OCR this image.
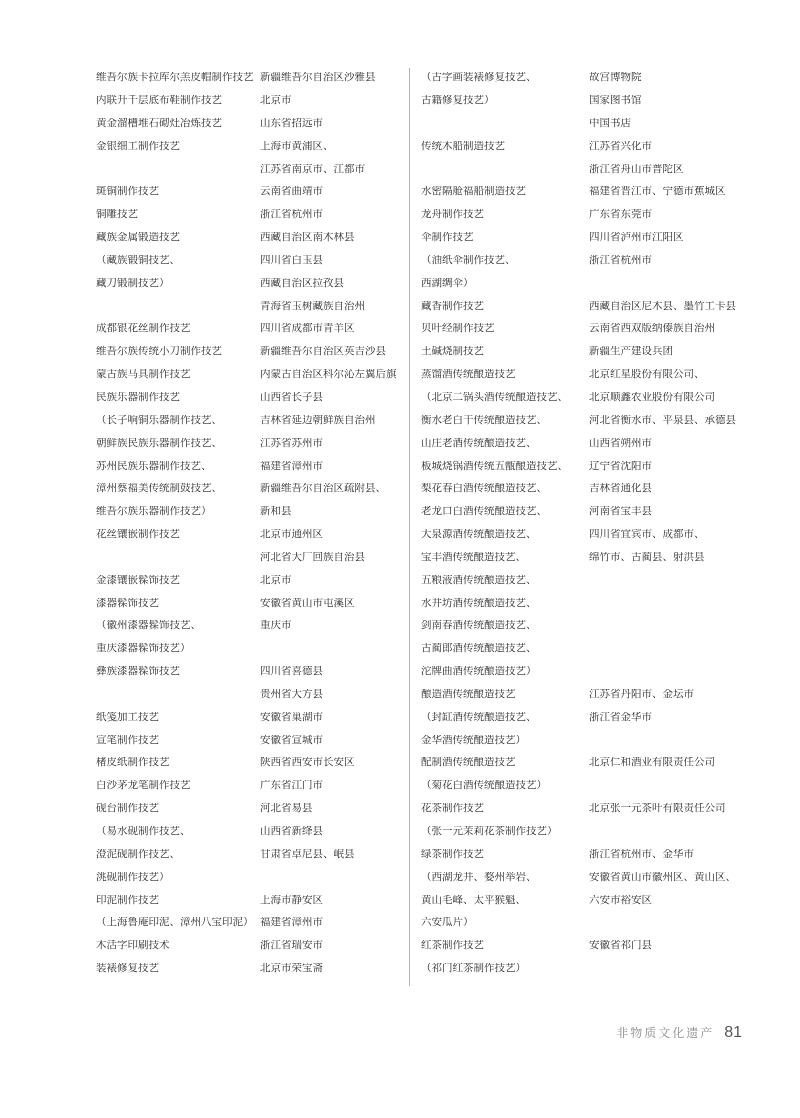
维吾尔族卡拉库尔羔皮帽制作技艺 新疆维吾尔自治区沙雅县
内联升千层底布鞋制作技艺	北京市
黄金溜槽堆石砌灶冶炼技艺	山东省招远市
金银细工制作技艺	上海市黄浦区、
江苏省南京市、江都市
斑铜制作技艺	云南省曲靖市
铜雕技艺	浙江省杭州市
藏族金属锻造技艺	西藏自治区南木林县
（藏族锻铜技艺、	四川省白玉县
藏刀锻制技艺）	西藏自治区拉孜县
青海省玉树藏族自治州
成都银花丝制作技艺	四川省成都市青羊区
维吾尔族传统小刀制作技艺	新疆维吾尔自治区英吉沙县
蒙古族马具制作技艺	内蒙古自治区科尔沁左翼后旗
民族乐器制作技艺	山西省长子县
（长子响铜乐器制作技艺、	吉林省延边朝鲜族自治州
朝鲜族民族乐器制作技艺、	江苏省苏州市
苏州民族乐器制作技艺、	福建省漳州市
漳州蔡福美传统制鼓技艺、	新疆维吾尔自治区疏附县、
维吾尔族乐器制作技艺）	新和县
花丝镶嵌制作技艺	北京市通州区
河北省大厂回族自治县
金漆镶嵌髹饰技艺	北京市
漆器髹饰技艺	安徽省黄山市屯溪区
（徽州漆器髹饰技艺、	重庆市
重庆漆器髹饰技艺）
彝族漆器髹饰技艺	四川省喜德县
贵州省大方县
纸笺加工技艺	安徽省巢湖市
宣笔制作技艺	安徽省宣城市
楮皮纸制作技艺	陕西省西安市长安区
白沙茅龙笔制作技艺	广东省江门市
砚台制作技艺	河北省易县
（易水砚制作技艺、	山西省新绛县
澄泥砚制作技艺、	甘肃省卓尼县、岷县
洮砚制作技艺）
印泥制作技艺	上海市静安区
（上海鲁庵印泥、漳州八宝印泥） 福建省漳州市
木活字印刷技术	浙江省瑞安市
装裱修复技艺	北京市荣宝斋
（古字画装裱修复技艺、	故宫博物院
古籍修复技艺）	国家图书馆
中国书店
传统木船制造技艺	江苏省兴化市
浙江省舟山市普陀区
水密隔舱福船制造技艺	福建省晋江市、宁德市蕉城区
龙舟制作技艺	广东省东莞市
伞制作技艺	四川省泸州市江阳区
（油纸伞制作技艺、	浙江省杭州市
西湖绸伞）
藏香制作技艺	西藏自治区尼木县、墨竹工卡县
贝叶经制作技艺	云南省西双版纳傣族自治州
土碱烧制技艺	新疆生产建设兵团
蒸馏酒传统酿造技艺	北京红星股份有限公司、
（北京二锅头酒传统酿造技艺、	北京顺鑫农业股份有限公司
衡水老白干传统酿造技艺、	河北省衡水市、平泉县、承德县
山庄老酒传统酿造技艺、	山西省朔州市
板城烧锅酒传统五甑酿造技艺、	辽宁省沈阳市
梨花春白酒传统酿造技艺、	吉林省通化县
老龙口白酒传统酿造技艺、	河南省宝丰县
大泉源酒传统酿造技艺、	四川省宜宾市、成都市、
宝丰酒传统酿造技艺、	绵竹市、古蔺县、射洪县
五粮液酒传统酿造技艺、
水井坊酒传统酿造技艺、
剑南春酒传统酿造技艺、
古蔺郎酒传统酿造技艺、
沱牌曲酒传统酿造技艺）
酿造酒传统酿造技艺	江苏省丹阳市、金坛市
（封缸酒传统酿造技艺、	浙江省金华市
金华酒传统酿造技艺）
配制酒传统酿造技艺	北京仁和酒业有限责任公司
（菊花白酒传统酿造技艺）
花茶制作技艺	北京张一元茶叶有限责任公司
（张一元茉莉花茶制作技艺）
绿茶制作技艺	浙江省杭州市、金华市
（西湖龙井、婺州举岩、	安徽省黄山市徽州区、黄山区、
黄山毛峰、太平猴魁、	六安市裕安区
六安瓜片）
红茶制作技艺	安徽省祁门县
（祁门红茶制作技艺）
非物质文化遗产 81
